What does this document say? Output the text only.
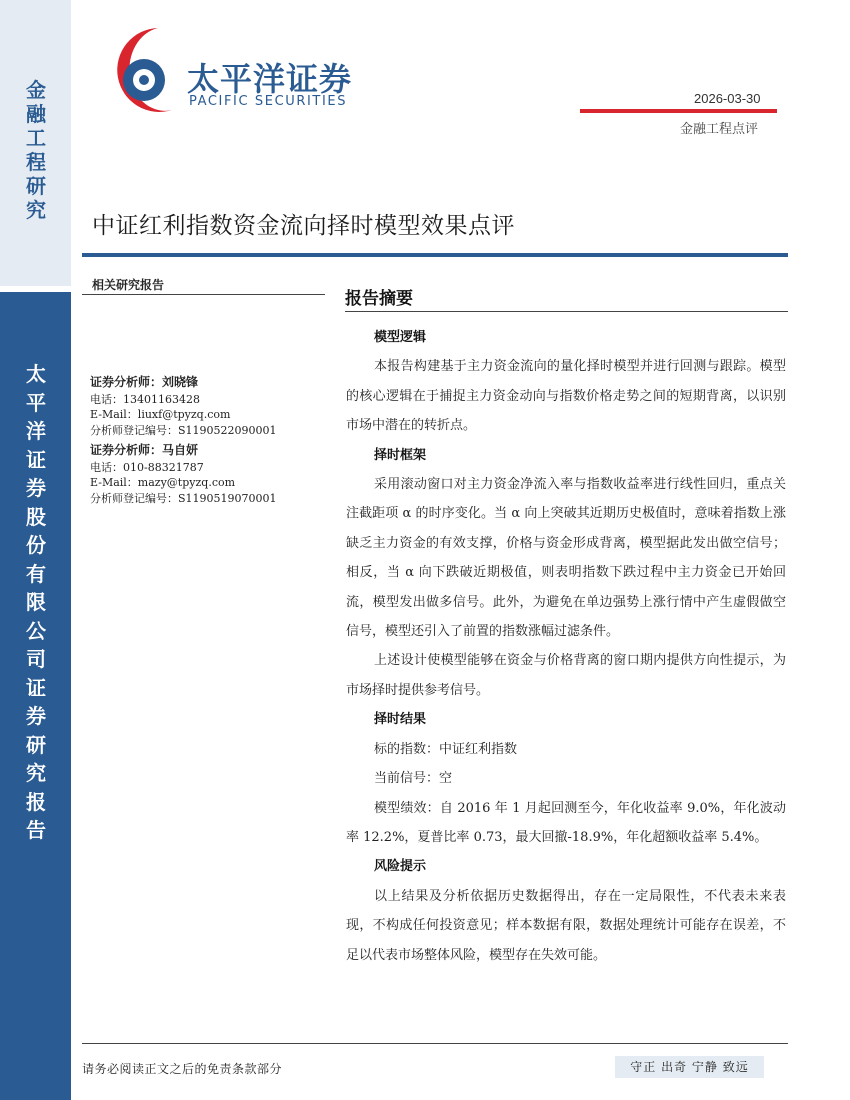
金融工程研究
太平洋证券股份有限公司证券研究报告
太平洋证券
PACIFIC SECURITIES	2026-03-30
金融工程点评
中证红利指数资金流向择时模型效果点评
相关研究报告
证券分析师：刘晓锋
电话：13401163428
E-Mail：liuxf@tpyzq.com
分析师登记编号：S1190522090001
证券分析师：马自妍
电话：010-88321787
E-Mail：mazy@tpyzq.com
分析师登记编号：S1190519070001
报告摘要
模型逻辑

本报告构建基于主力资金流向的量化择时模型并进行回测与跟踪。模型的核心逻辑在于捕捉主力资金动向与指数价格走势之间的短期背离，以识别市场中潜在的转折点。

择时框架

采用滚动窗口对主力资金净流入率与指数收益率进行线性回归，重点关注截距项 α 的时序变化。当 α 向上突破其近期历史极值时，意味着指数上涨缺乏主力资金的有效支撑，价格与资金形成背离，模型据此发出做空信号；相反，当 α 向下跌破近期极值，则表明指数下跌过程中主力资金已开始回流，模型发出做多信号。此外，为避免在单边强势上涨行情中产生虚假做空信号，模型还引入了前置的指数涨幅过滤条件。

上述设计使模型能够在资金与价格背离的窗口期内提供方向性提示，为市场择时提供参考信号。

择时结果

标的指数：中证红利指数

当前信号：空

模型绩效：自 2016 年 1 月起回测至今，年化收益率 9.0%，年化波动率 12.2%，夏普比率 0.73，最大回撤-18.9%，年化超额收益率 5.4%。

风险提示

以上结果及分析依据历史数据得出，存在一定局限性，不代表未来表现，不构成任何投资意见；样本数据有限，数据处理统计可能存在误差，不足以代表市场整体风险，模型存在失效可能。

请务必阅读正文之后的免责条款部分	守正 出奇 宁静 致远
